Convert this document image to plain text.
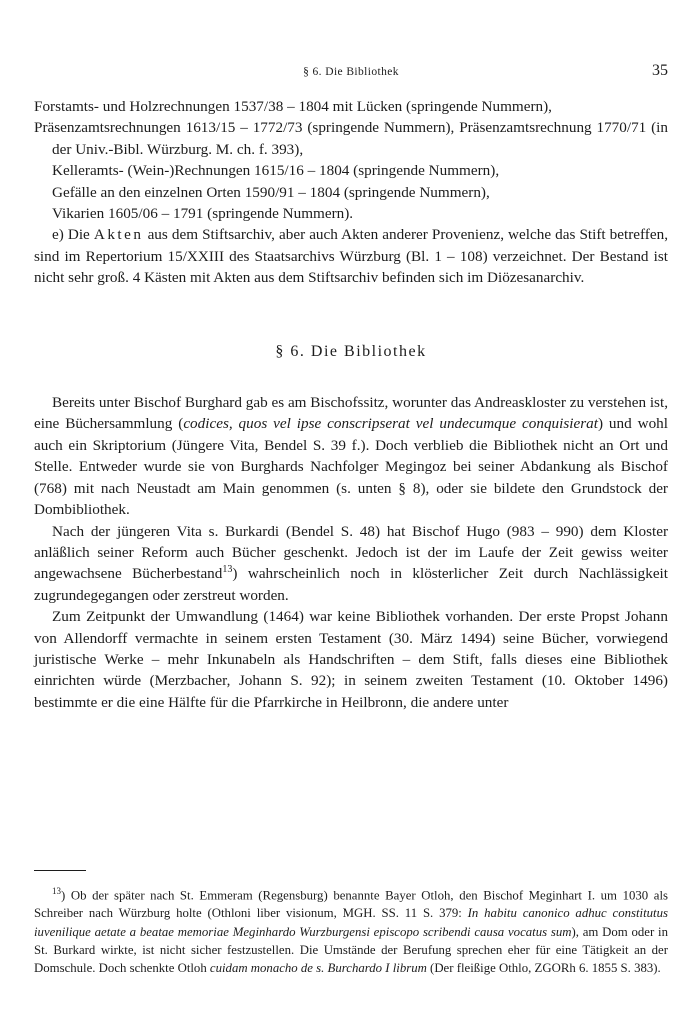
§ 6. Die Bibliothek	35

Forstamts- und Holzrechnungen 1537/38 – 1804 mit Lücken (springende Nummern),

Präsenzamtsrechnungen 1613/15 – 1772/73 (springende Nummern), Präsenzamtsrechnung 1770/71 (in der Univ.-Bibl. Würzburg. M. ch. f. 393),

Kelleramts- (Wein-)Rechnungen 1615/16 – 1804 (springende Nummern),

Gefälle an den einzelnen Orten 1590/91 – 1804 (springende Nummern),

Vikarien 1605/06 – 1791 (springende Nummern).

e) Die Akten aus dem Stiftsarchiv, aber auch Akten anderer Provenienz, welche das Stift betreffen, sind im Repertorium 15/XXIII des Staatsarchivs Würzburg (Bl. 1 – 108) verzeichnet. Der Bestand ist nicht sehr groß. 4 Kästen mit Akten aus dem Stiftsarchiv befinden sich im Diözesanarchiv.

§ 6. Die Bibliothek

Bereits unter Bischof Burghard gab es am Bischofssitz, worunter das Andreaskloster zu verstehen ist, eine Büchersammlung (codices, quos vel ipse conscripserat vel undecumque conquisierat) und wohl auch ein Skriptorium (Jüngere Vita, Bendel S. 39 f.). Doch verblieb die Bibliothek nicht an Ort und Stelle. Entweder wurde sie von Burghards Nachfolger Megingoz bei seiner Abdankung als Bischof (768) mit nach Neustadt am Main genommen (s. unten § 8), oder sie bildete den Grundstock der Dombibliothek.

Nach der jüngeren Vita s. Burkardi (Bendel S. 48) hat Bischof Hugo (983 – 990) dem Kloster anläßlich seiner Reform auch Bücher geschenkt. Jedoch ist der im Laufe der Zeit gewiss weiter angewachsene Bücherbestand$^{13}$) wahrscheinlich noch in klösterlicher Zeit durch Nachlässigkeit zugrundegegangen oder zerstreut worden.

Zum Zeitpunkt der Umwandlung (1464) war keine Bibliothek vorhanden. Der erste Propst Johann von Allendorff vermachte in seinem ersten Testament (30. März 1494) seine Bücher, vorwiegend juristische Werke – mehr Inkunabeln als Handschriften – dem Stift, falls dieses eine Bibliothek einrichten würde (Merzbacher, Johann S. 92); in seinem zweiten Testament (10. Oktober 1496) bestimmte er die eine Hälfte für die Pfarrkirche in Heilbronn, die andere unter

$^{13}$) Ob der später nach St. Emmeram (Regensburg) benannte Bayer Otloh, den Bischof Meginhart I. um 1030 als Schreiber nach Würzburg holte (Othloni liber visionum, MGH. SS. 11 S. 379: In habitu canonico adhuc constitutus iuvenilique aetate a beatae memoriae Meginhardo Wurzburgensi episcopo scribendi causa vocatus sum), am Dom oder in St. Burkard wirkte, ist nicht sicher festzustellen. Die Umstände der Berufung sprechen eher für eine Tätigkeit an der Domschule. Doch schenkte Otloh cuidam monacho de s. Burchardo I librum (Der fleißige Othlo, ZGORh 6. 1855 S. 383).
